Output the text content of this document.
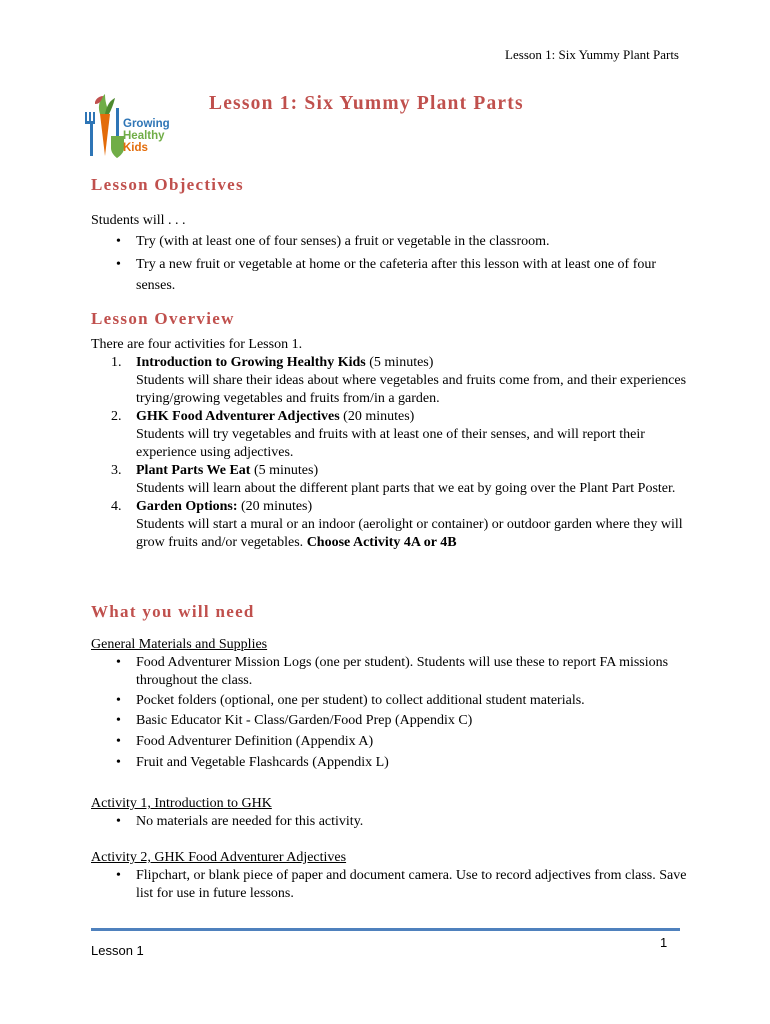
Lesson 1: Six Yummy Plant Parts
Growing
Healthy
Kids
Lesson 1: Six Yummy Plant Parts
Lesson Objectives
Students will . . .
• Try (with at least one of four senses) a fruit or vegetable in the classroom.
• Try a new fruit or vegetable at home or the cafeteria after this lesson with at least one of four senses.
Lesson Overview
There are four activities for Lesson 1.
1. Introduction to Growing Healthy Kids (5 minutes)
Students will share their ideas about where vegetables and fruits come from, and their experiences trying/growing vegetables and fruits from/in a garden.
2. GHK Food Adventurer Adjectives (20 minutes)
Students will try vegetables and fruits with at least one of their senses, and will report their experience using adjectives.
3. Plant Parts We Eat (5 minutes)
Students will learn about the different plant parts that we eat by going over the Plant Part Poster.
4. Garden Options: (20 minutes)
Students will start a mural or an indoor (aerolight or container) or outdoor garden where they will grow fruits and/or vegetables. Choose Activity 4A or 4B
What you will need
General Materials and Supplies
• Food Adventurer Mission Logs (one per student). Students will use these to report FA missions throughout the class.
• Pocket folders (optional, one per student) to collect additional student materials.
• Basic Educator Kit - Class/Garden/Food Prep (Appendix C)
• Food Adventurer Definition (Appendix A)
• Fruit and Vegetable Flashcards (Appendix L)
Activity 1, Introduction to GHK
• No materials are needed for this activity.
Activity 2, GHK Food Adventurer Adjectives
• Flipchart, or blank piece of paper and document camera. Use to record adjectives from class. Save list for use in future lessons.
1
Lesson 1
